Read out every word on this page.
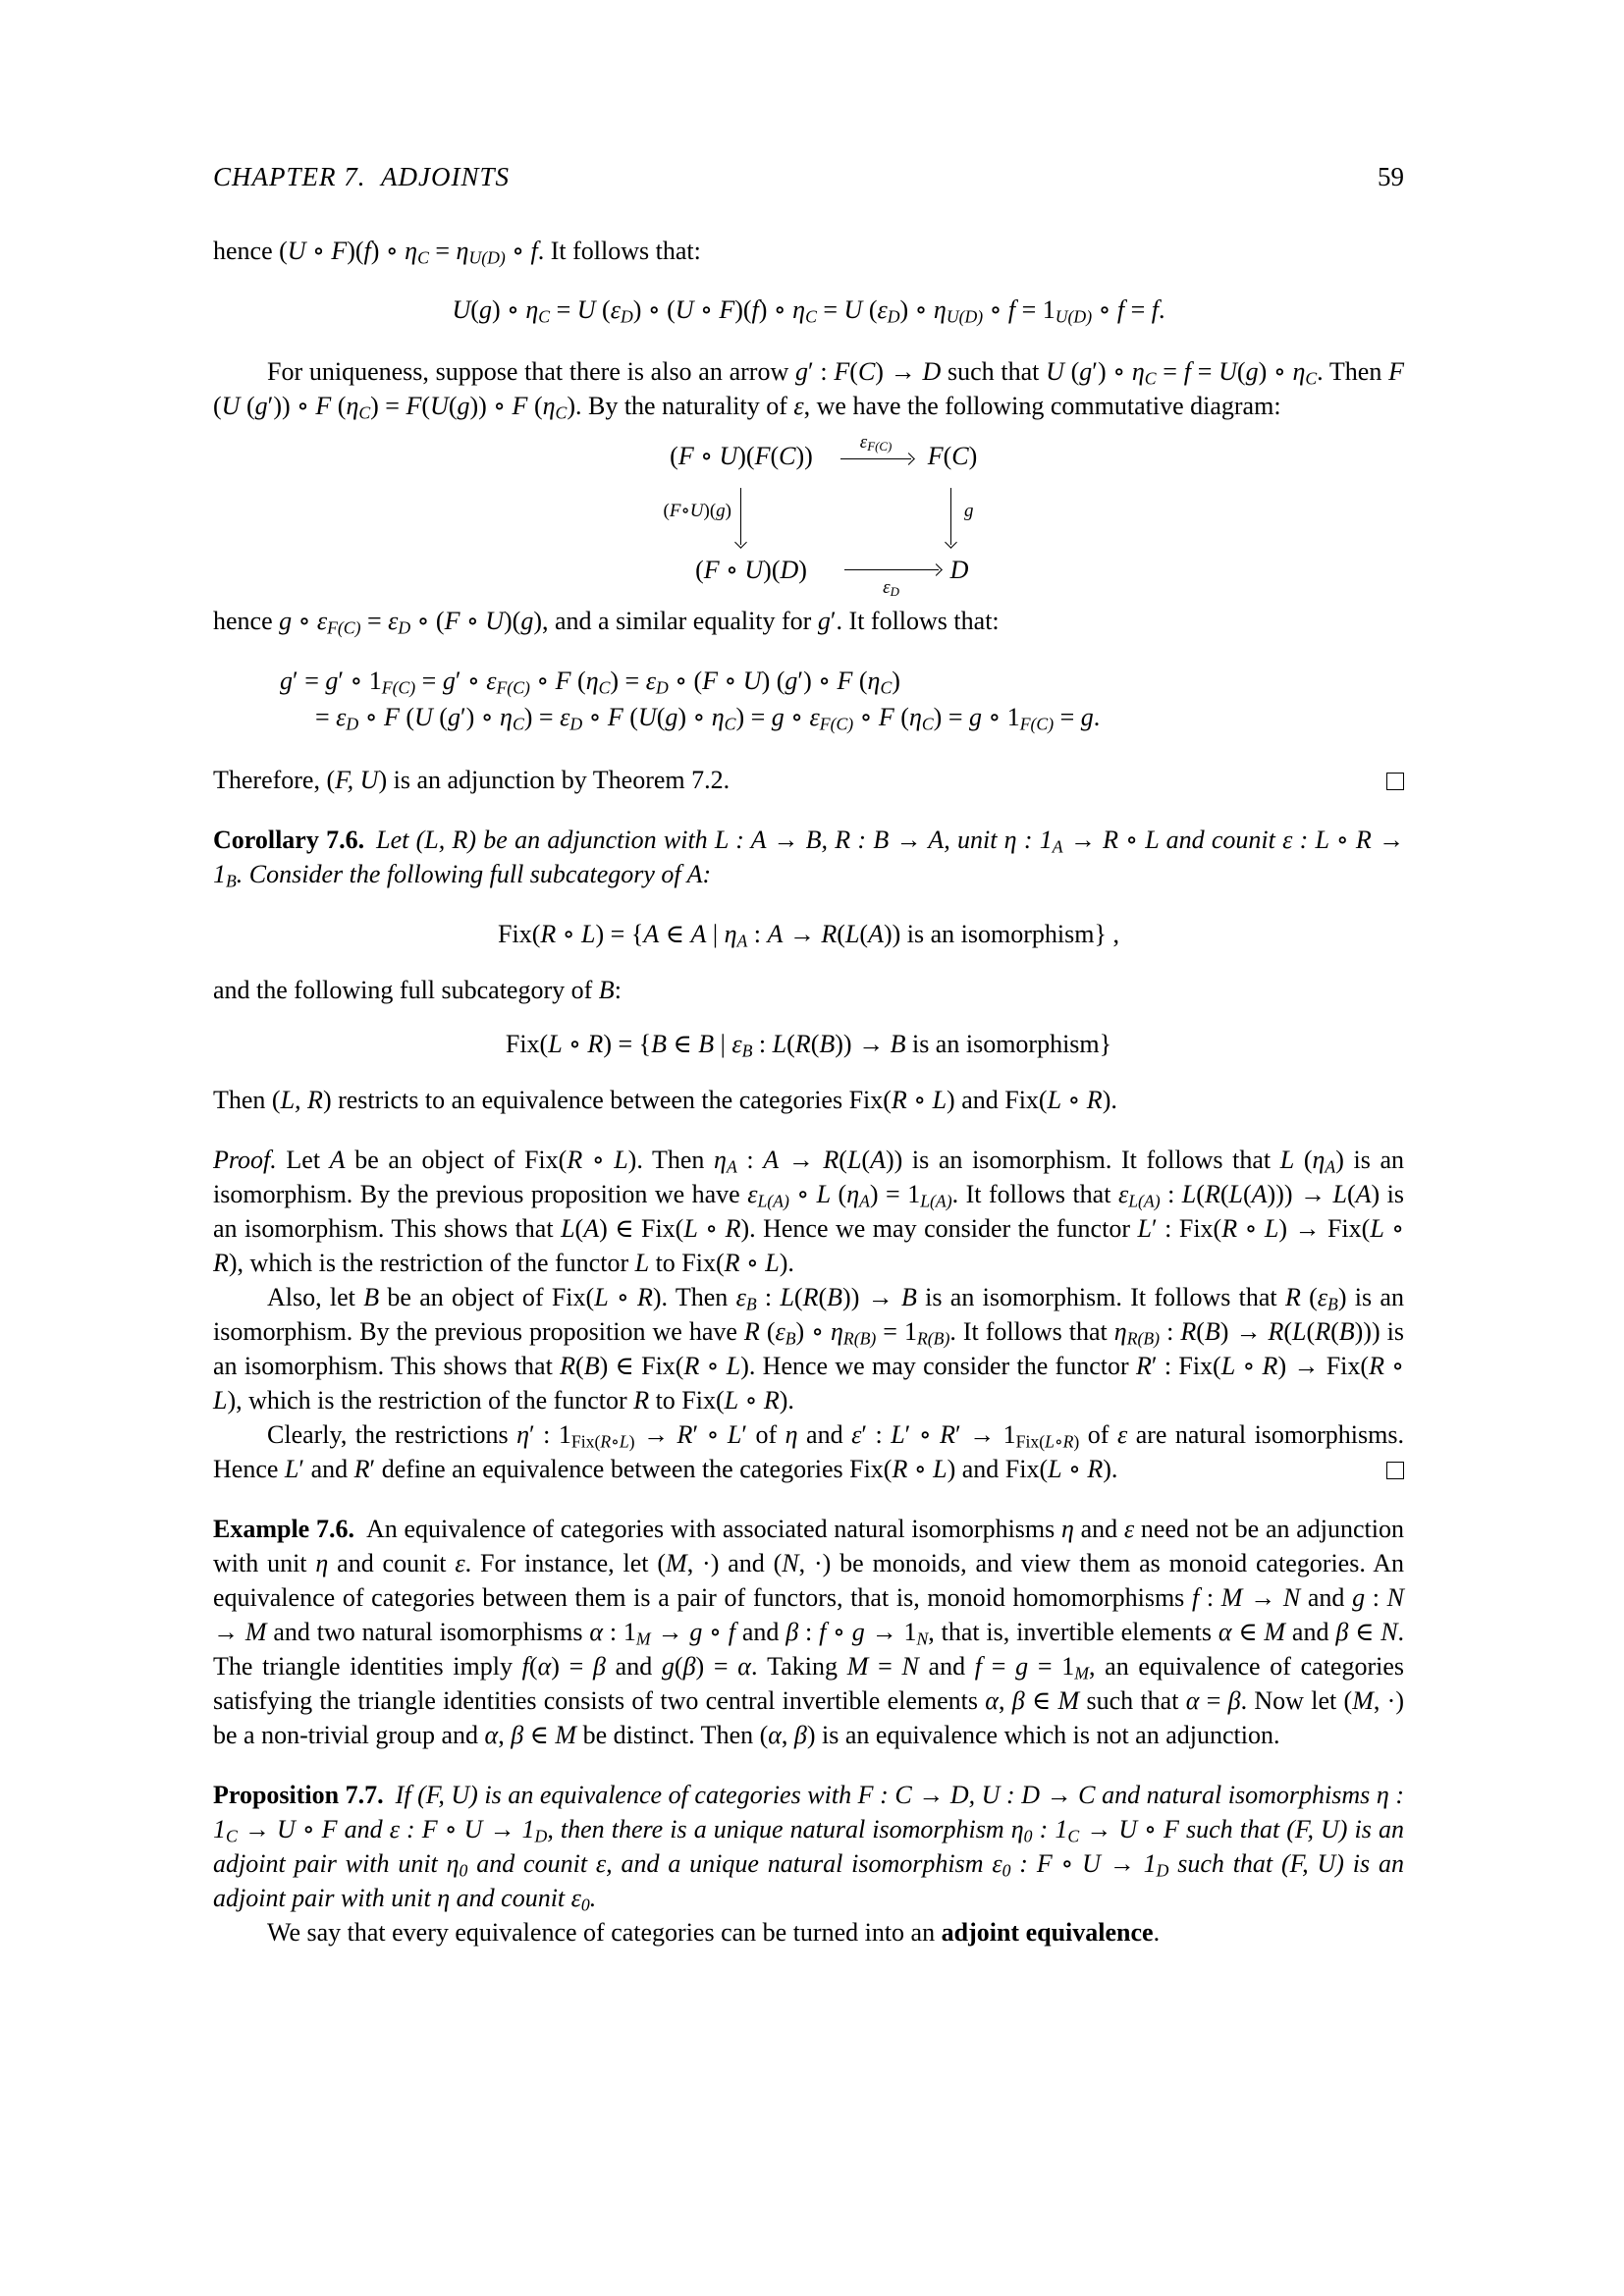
CHAPTER 7.  ADJOINTS	59

hence (U ∘ F)(f) ∘ $\eta_C = \eta_{U(D)}$ ∘ f. It follows that:

U(g) ∘ $\eta_C = U$ $(\varepsilon_D)$ ∘ (U ∘ F)(f) ∘ $\eta_C = U$ $(\varepsilon_D)$ ∘ $\eta_{U(D)}$ ∘ $f = 1_{U(D)}$ ∘ f = f.

For uniqueness, suppose that there is also an arrow g′ : F(C) → D such that U (g′) ∘ $\eta_C = f = U(g)$ ∘ $\eta_C$. Then F (U (g′)) ∘ F $(\eta_C) = F(U(g))$ ∘ F $(\eta_C)$. By the naturality of ε, we have the following commutative diagram:

(F ∘ U)(F(C))	F(C)
(F ∘ U)(D)	D
$\varepsilon_{F(C)}$
(F∘U)(g)	g
$\varepsilon_D$

hence g ∘ $\varepsilon_{F(C)} = \varepsilon_D$ ∘ (F ∘ U)(g), and a similar equality for g′. It follows that:

g′ = g′ ∘ $1_{F(C)} = g'$ ∘ $\varepsilon_{F(C)}$ ∘ F $(\eta_C) = \varepsilon_D$ ∘ (F ∘ U) (g′) ∘ F $(\eta_C)$
= $\varepsilon_D$ ∘ F (U (g′) ∘ $\eta_C) = \varepsilon_D$ ∘ F (U(g) ∘ $\eta_C) = g$ ∘ $\varepsilon_{F(C)}$ ∘ F $(\eta_C) = g$ ∘ $1_{F(C)} = g$.

Therefore, (F, U) is an adjunction by Theorem 7.2.

Corollary 7.6. Let (L, R) be an adjunction with L : A → B, R : B → A, unit η : $1_A \to R$ ∘ L and counit ε : L ∘ $R \to 1_B$. Consider the following full subcategory of A:

Fix(R ∘ L) = {A ∈ A | $\eta_A$ : A → R(L(A)) is an isomorphism} ,

and the following full subcategory of B:

Fix(L ∘ R) = {B ∈ B | $\varepsilon_B$ : L(R(B)) → B is an isomorphism}

Then (L, R) restricts to an equivalence between the categories Fix(R ∘ L) and Fix(L ∘ R).

Proof. Let A be an object of Fix(R ∘ L). Then $\eta_A$ : A → R(L(A)) is an isomorphism. It follows that L $(\eta_A)$ is an isomorphism. By the previous proposition we have $\varepsilon_{L(A)}$ ∘ L $(\eta_A) = 1_{L(A)}$. It follows that $\varepsilon_{L(A)}$ : L(R(L(A))) → L(A) is an isomorphism. This shows that L(A) ∈ Fix(L ∘ R). Hence we may consider the functor L′ : Fix(R ∘ L) → Fix(L ∘ R), which is the restriction of the functor L to Fix(R ∘ L).

Also, let B be an object of Fix(L ∘ R). Then $\varepsilon_B$ : L(R(B)) → B is an isomorphism. It follows that R $(\varepsilon_B)$ is an isomorphism. By the previous proposition we have R $(\varepsilon_B)$ ∘ $\eta_{R(B)} = 1_{R(B)}$. It follows that $\eta_{R(B)}$ : R(B) → R(L(R(B))) is an isomorphism. This shows that R(B) ∈ Fix(R ∘ L). Hence we may consider the functor R′ : Fix(L ∘ R) → Fix(R ∘ L), which is the restriction of the functor R to Fix(L ∘ R).

Clearly, the restrictions η′ : $1_{Fix(R\circ L)} \to R'$ ∘ L′ of η and ε′ : L′ ∘ $R' \to 1_{Fix(L\circ R)}$ of ε are natural isomorphisms. Hence L′ and R′ define an equivalence between the categories Fix(R ∘ L) and Fix(L ∘ R).

Example 7.6. An equivalence of categories with associated natural isomorphisms η and ε need not be an adjunction with unit η and counit ε. For instance, let (M, ·) and (N, ·) be monoids, and view them as monoid categories. An equivalence of categories between them is a pair of functors, that is, monoid homomorphisms f : M → N and g : N → M and two natural isomorphisms α : $1_M \to g$ ∘ f and β : f ∘ $g \to 1_N$, that is, invertible elements α ∈ M and β ∈ N. The triangle identities imply f(α) = β and g(β) = α. Taking M = N and $f = g = 1_M$, an equivalence of categories satisfying the triangle identities consists of two central invertible elements α, β ∈ M such that α = β. Now let (M, ·) be a non-trivial group and α, β ∈ M be distinct. Then (α, β) is an equivalence which is not an adjunction.

Proposition 7.7. If (F, U) is an equivalence of categories with F : C → D, U : D → C and natural isomorphisms η : $1_C \to U$ ∘ F and ε : F ∘ $U \to 1_D$, then there is a unique natural isomorphism $\eta_0$ : $1_C \to U$ ∘ F such that (F, U) is an adjoint pair with unit $\eta_0$ and counit ε, and a unique natural isomorphism $\varepsilon_0$ : F ∘ $U \to 1_D$ such that (F, U) is an adjoint pair with unit η and counit $\varepsilon_0$.

We say that every equivalence of categories can be turned into an adjoint equivalence.
